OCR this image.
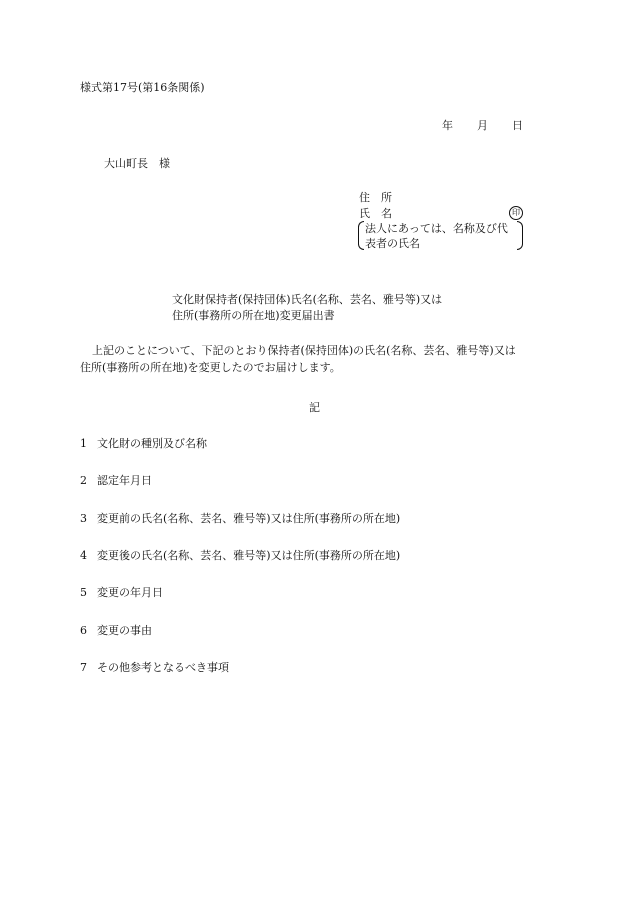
様式第17号(第16条関係)
年 月 日
大山町長　様
住　所
氏　名	印
法人にあっては、名称及び代
表者の氏名
文化財保持者(保持団体)氏名(名称、芸名、雅号等)又は
住所(事務所の所在地)変更届出書
上記のことについて、下記のとおり保持者(保持団体)の氏名(名称、芸名、雅号等)又は
住所(事務所の所在地)を変更したのでお届けします。
記
1 文化財の種別及び名称
2 認定年月日
3 変更前の氏名(名称、芸名、雅号等)又は住所(事務所の所在地)
4 変更後の氏名(名称、芸名、雅号等)又は住所(事務所の所在地)
5 変更の年月日
6 変更の事由
7 その他参考となるべき事項
